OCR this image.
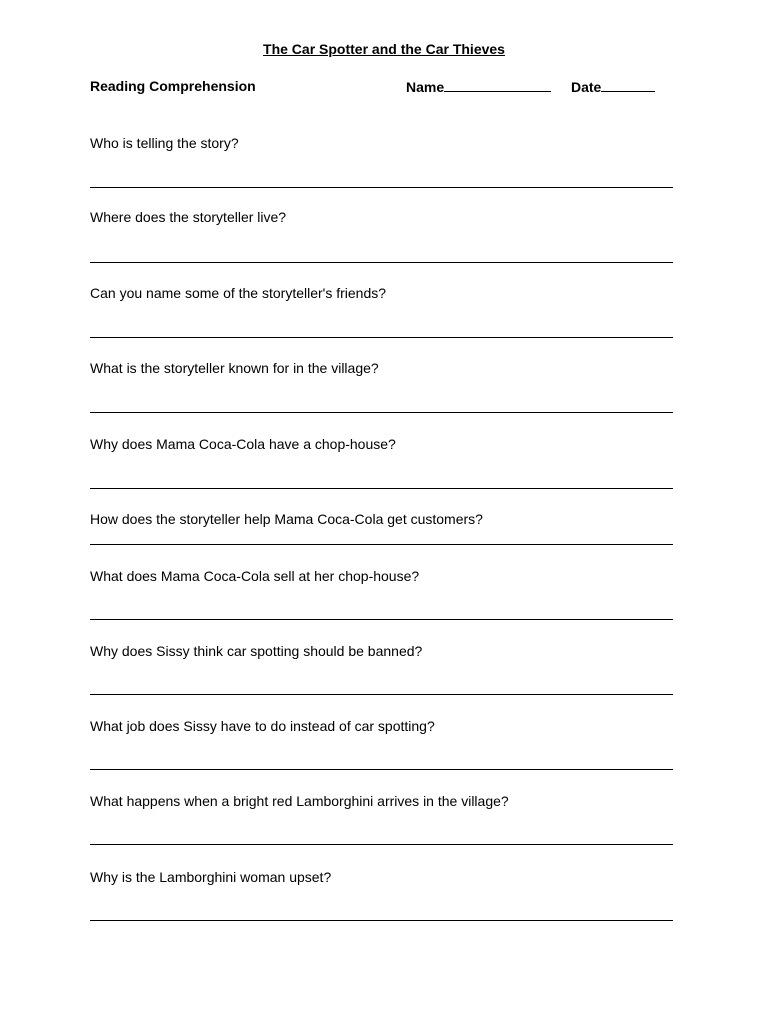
The Car Spotter and the Car Thieves
Reading Comprehension	Name	Date
Who is telling the story?
Where does the storyteller live?
Can you name some of the storyteller's friends?
What is the storyteller known for in the village?
Why does Mama Coca-Cola have a chop-house?
How does the storyteller help Mama Coca-Cola get customers?
What does Mama Coca-Cola sell at her chop-house?
Why does Sissy think car spotting should be banned?
What job does Sissy have to do instead of car spotting?
What happens when a bright red Lamborghini arrives in the village?
Why is the Lamborghini woman upset?
